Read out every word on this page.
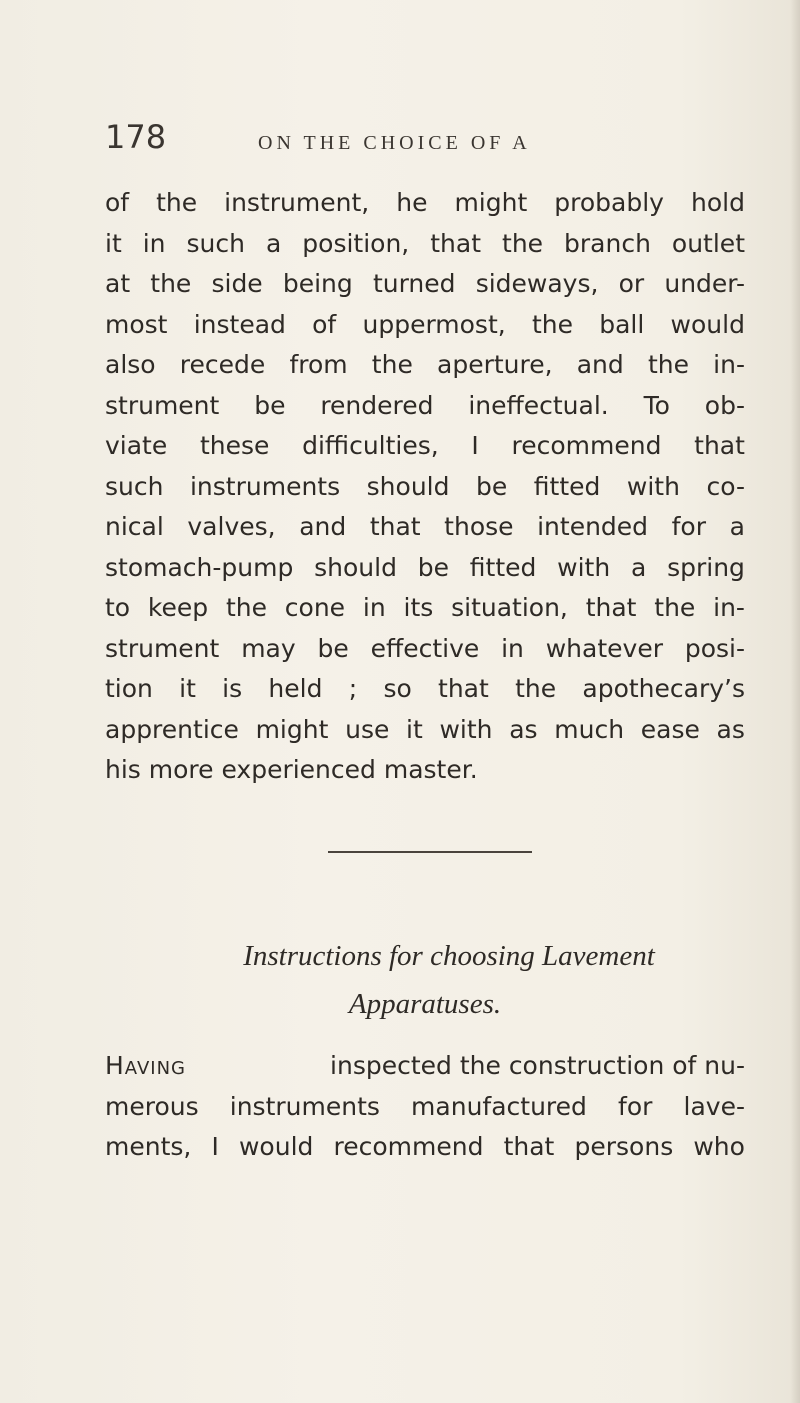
178	ON THE CHOICE OF A
of the instrument, he might probably hold
it in such a position, that the branch outlet
at the side being turned sideways, or under-
most instead of uppermost, the ball would
also recede from the aperture, and the in-
strument be rendered ineffectual. To ob-
viate these difficulties, I recommend that
such instruments should be fitted with co-
nical valves, and that those intended for a
stomach-pump should be fitted with a spring
to keep the cone in its situation, that the in-
strument may be effective in whatever posi-
tion it is held ; so that the apothecary’s
apprentice might use it with as much ease as
his more experienced master.
Instructions for choosing Lavement
Apparatuses.
Having	inspected the construction of nu-
merous instruments manufactured for lave-
ments, I would recommend that persons who
